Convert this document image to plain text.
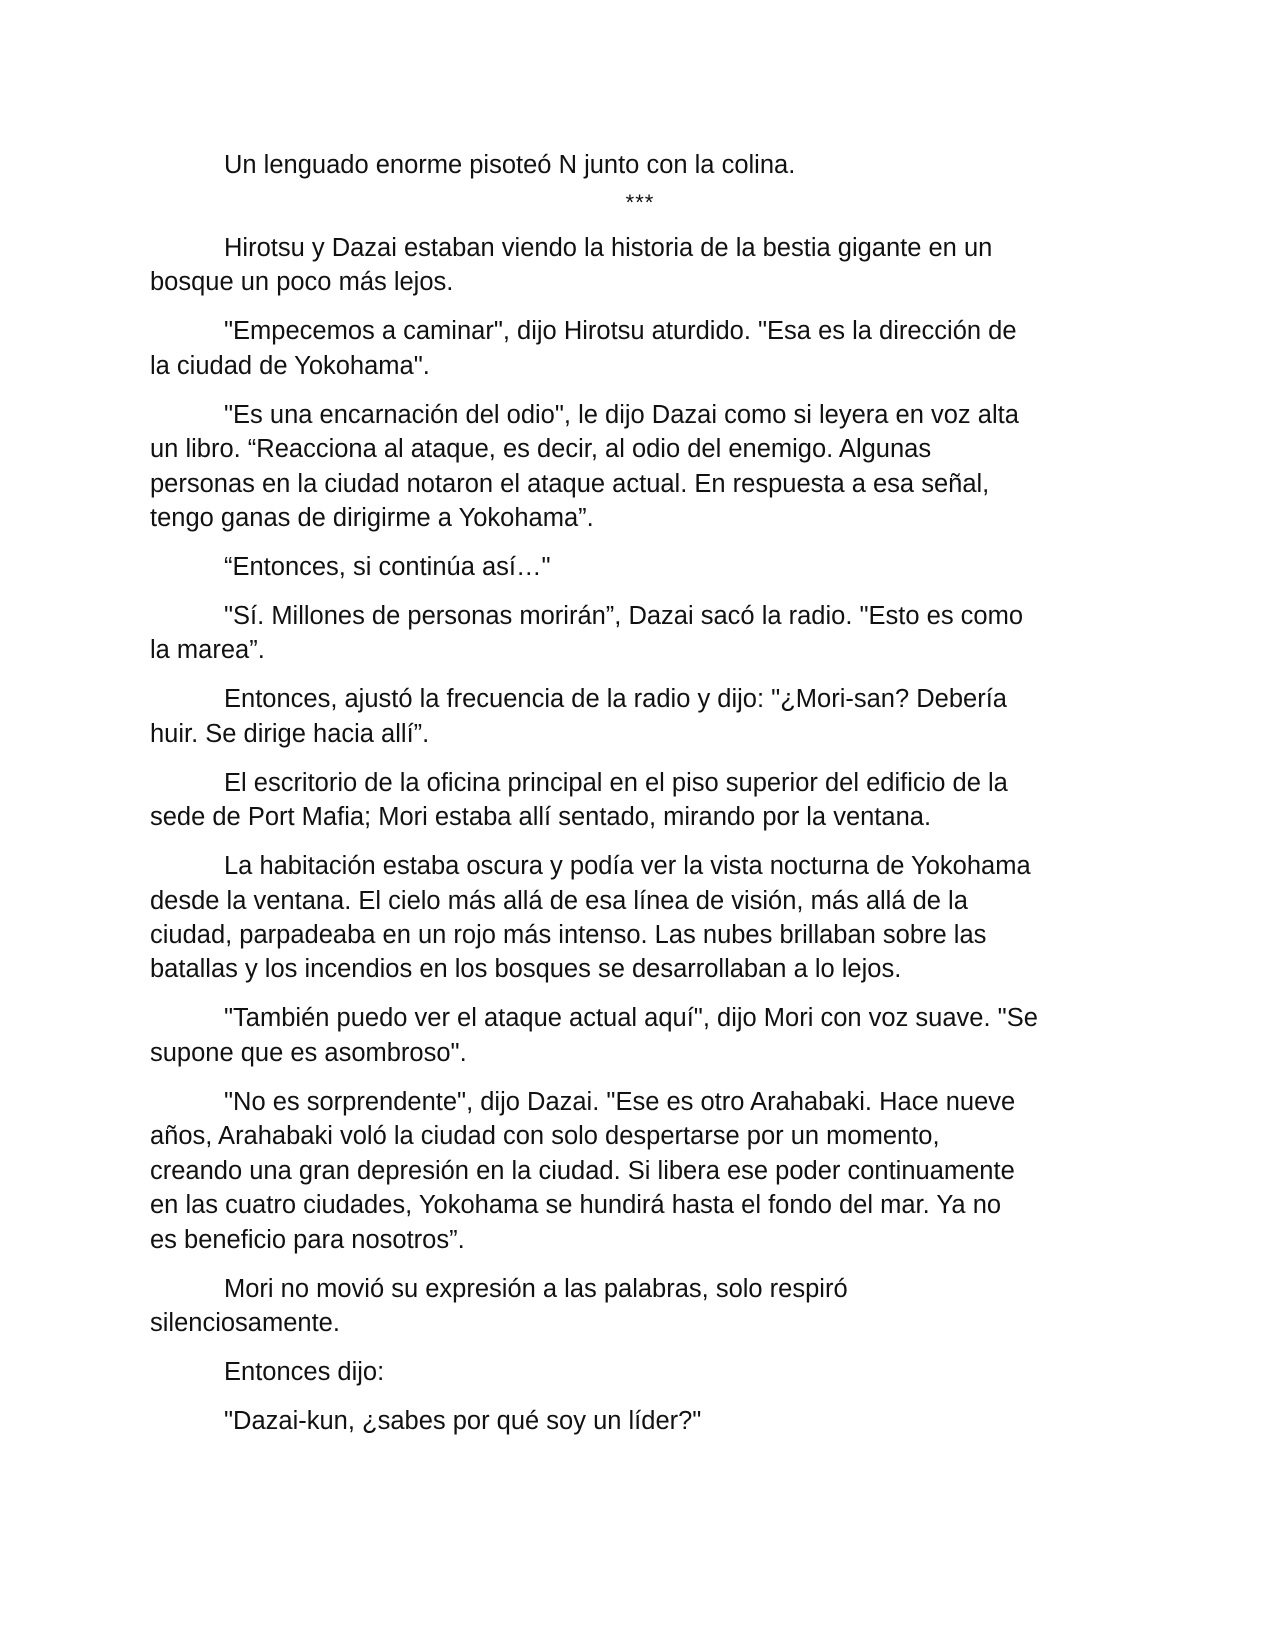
Un lenguado enorme pisoteó N junto con la colina.

***

Hirotsu y Dazai estaban viendo la historia de la bestia gigante en un
bosque un poco más lejos.

"Empecemos a caminar", dijo Hirotsu aturdido. "Esa es la dirección de
la ciudad de Yokohama".

"Es una encarnación del odio", le dijo Dazai como si leyera en voz alta
un libro. “Reacciona al ataque, es decir, al odio del enemigo. Algunas
personas en la ciudad notaron el ataque actual. En respuesta a esa señal,
tengo ganas de dirigirme a Yokohama”.

“Entonces, si continúa así…"

"Sí. Millones de personas morirán”, Dazai sacó la radio. "Esto es como
la marea”.

Entonces, ajustó la frecuencia de la radio y dijo: "¿Mori-san? Debería
huir. Se dirige hacia allí”.

El escritorio de la oficina principal en el piso superior del edificio de la
sede de Port Mafia; Mori estaba allí sentado, mirando por la ventana.

La habitación estaba oscura y podía ver la vista nocturna de Yokohama
desde la ventana. El cielo más allá de esa línea de visión, más allá de la
ciudad, parpadeaba en un rojo más intenso. Las nubes brillaban sobre las
batallas y los incendios en los bosques se desarrollaban a lo lejos.

"También puedo ver el ataque actual aquí", dijo Mori con voz suave. "Se
supone que es asombroso".

"No es sorprendente", dijo Dazai. "Ese es otro Arahabaki. Hace nueve
años, Arahabaki voló la ciudad con solo despertarse por un momento,
creando una gran depresión en la ciudad. Si libera ese poder continuamente
en las cuatro ciudades, Yokohama se hundirá hasta el fondo del mar. Ya no
es beneficio para nosotros”.

Mori no movió su expresión a las palabras, solo respiró
silenciosamente.

Entonces dijo:

"Dazai-kun, ¿sabes por qué soy un líder?"
